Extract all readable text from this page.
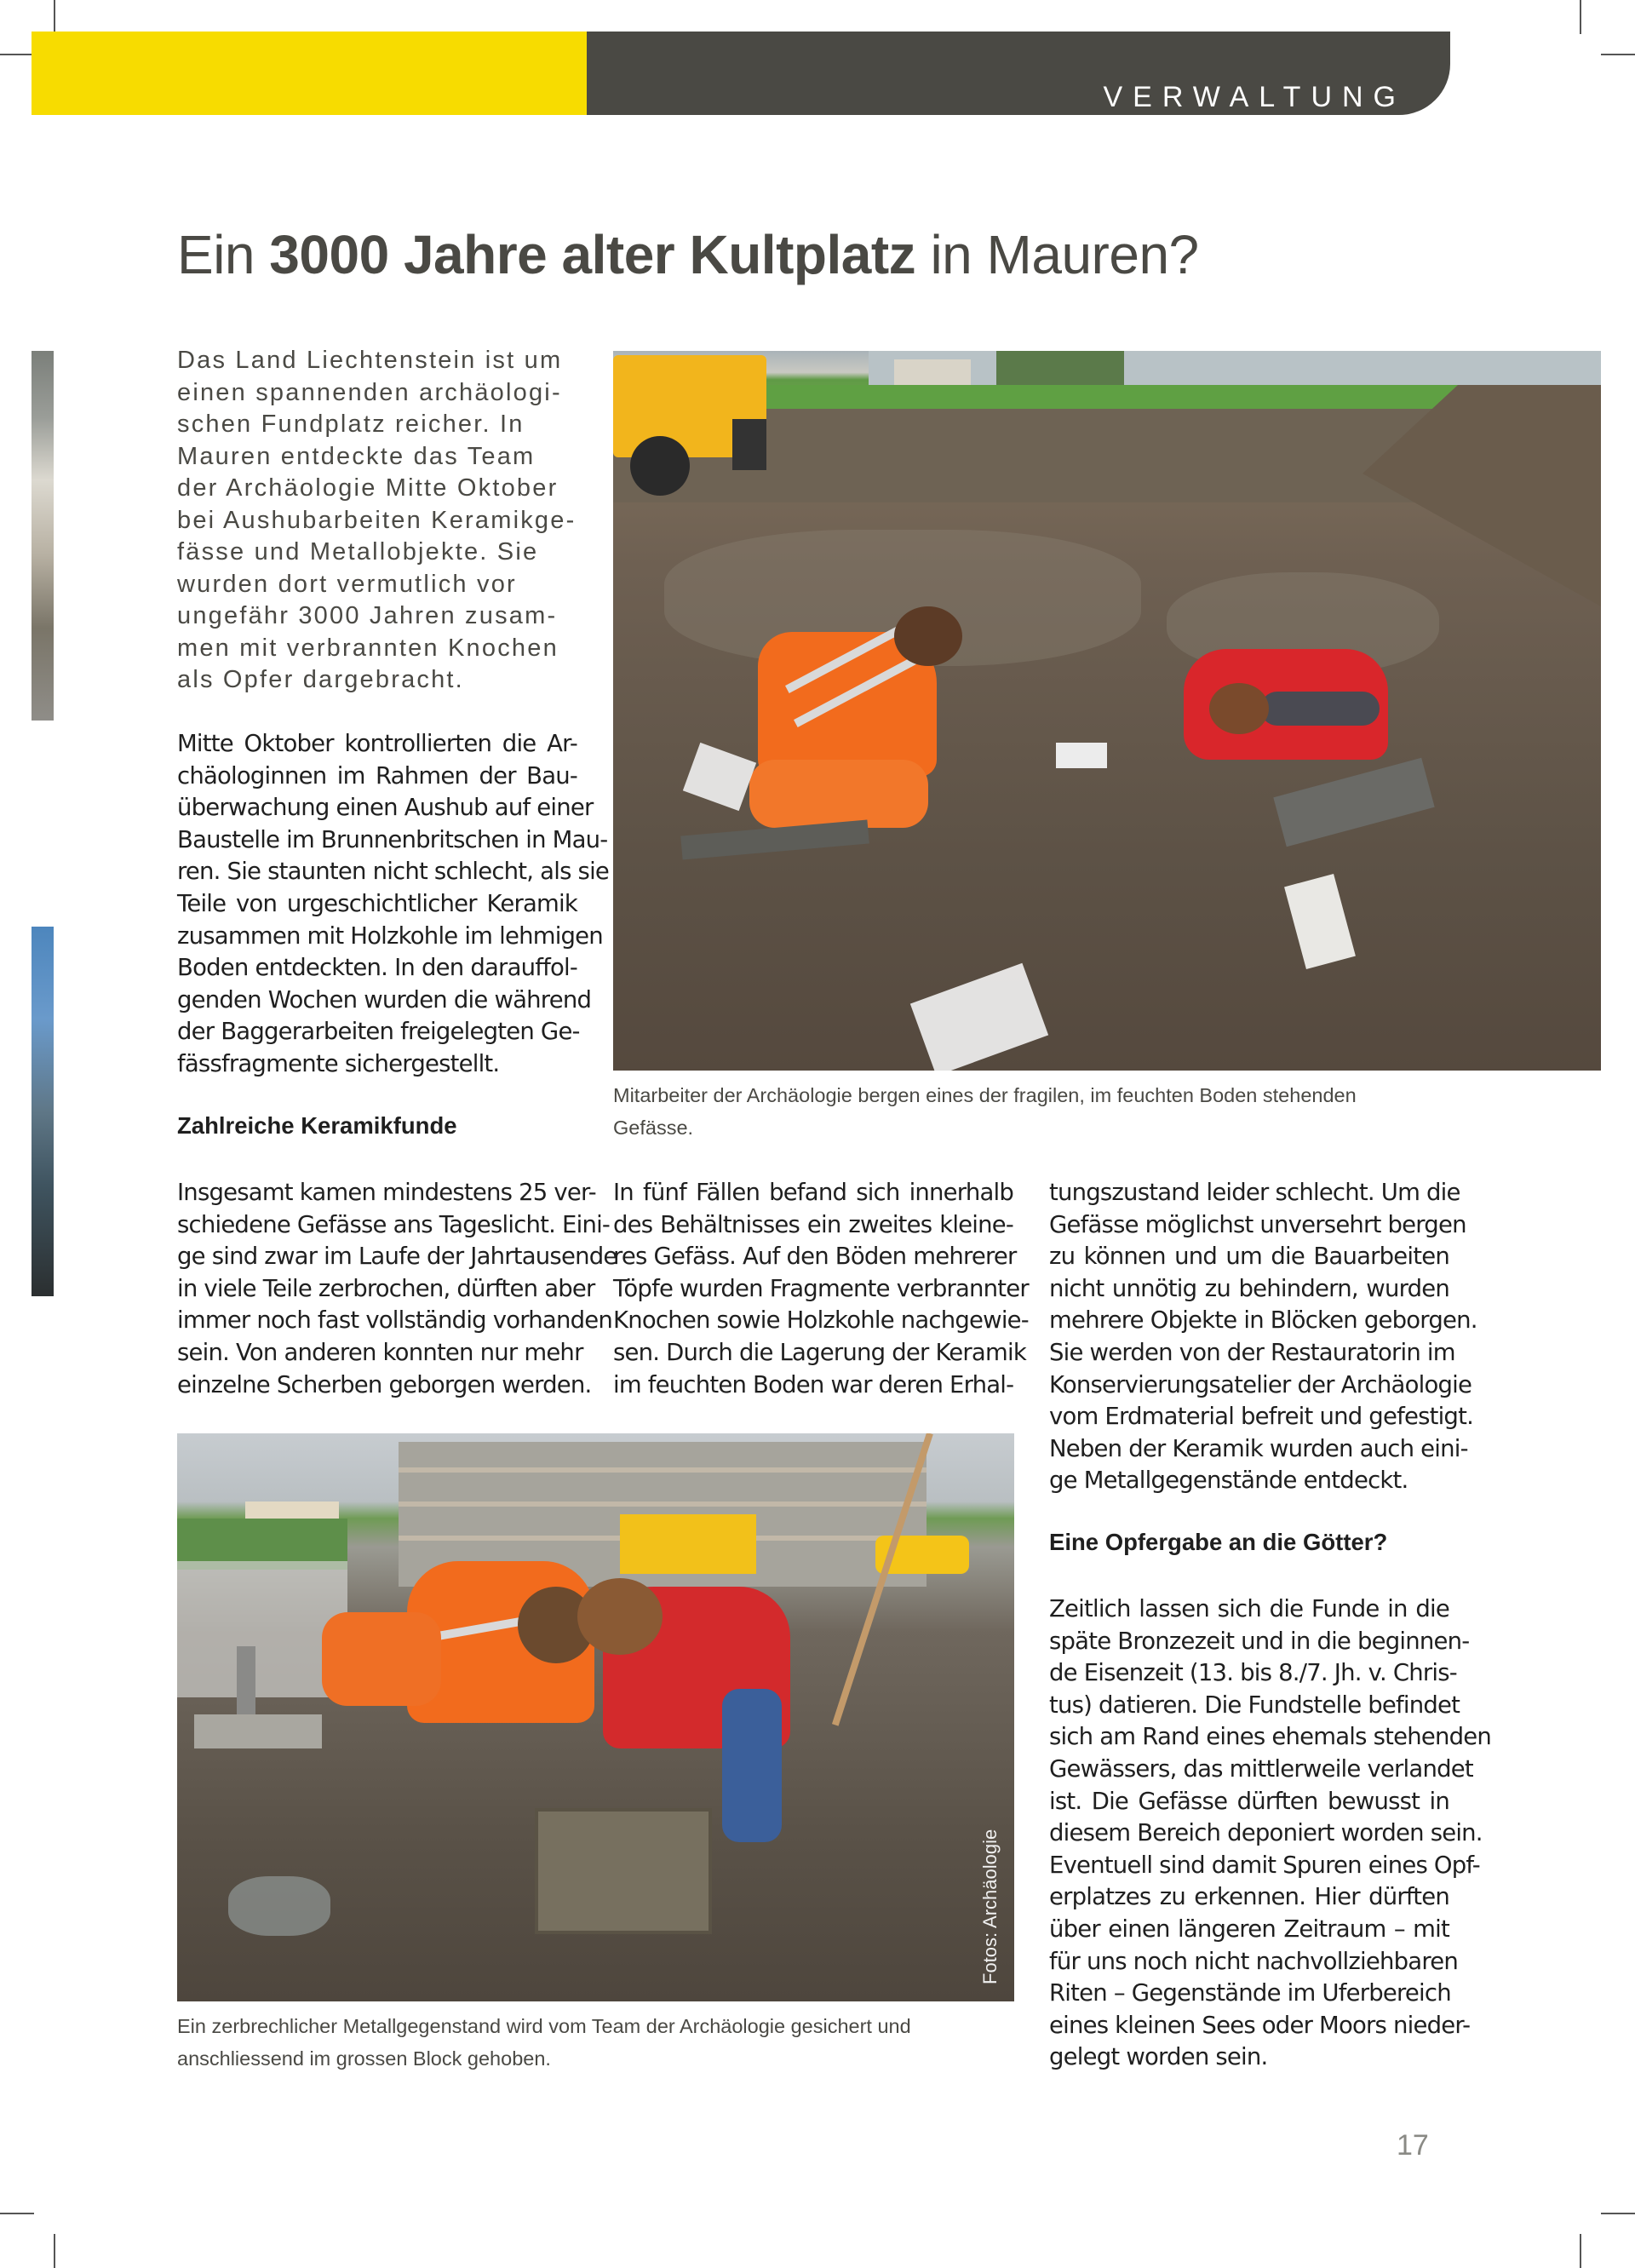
VERWALTUNG
Ein 3000 Jahre alter Kultplatz in Mauren?
Das Land Liechtenstein ist um
einen spannenden archäologi-
schen Fundplatz reicher. In
Mauren entdeckte das Team
der Archäologie Mitte Oktober
bei Aushubarbeiten Keramikge-
fässe und Metallobjekte. Sie
wurden dort vermutlich vor
ungefähr 3000 Jahren zusam-
men mit verbrannten Knochen
als Opfer dargebracht.
Mitte Oktober kontrollierten die Ar-
chäologinnen im Rahmen der Bau-
überwachung einen Aushub auf einer
Baustelle im Brunnenbritschen in Mau-
ren. Sie staunten nicht schlecht, als sie
Teile von urgeschichtlicher Keramik
zusammen mit Holzkohle im lehmigen
Boden entdeckten. In den darauffol-
genden Wochen wurden die während
der Baggerarbeiten freigelegten Ge-
fässfragmente sichergestellt.
Zahlreiche Keramikfunde
Insgesamt kamen mindestens 25 ver-
schiedene Gefässe ans Tageslicht. Eini-
ge sind zwar im Laufe der Jahrtausende
in viele Teile zerbrochen, dürften aber
immer noch fast vollständig vorhanden
sein. Von anderen konnten nur mehr
einzelne Scherben geborgen werden.
In fünf Fällen befand sich innerhalb
des Behältnisses ein zweites kleine-
res Gefäss. Auf den Böden mehrerer
Töpfe wurden Fragmente verbrannter
Knochen sowie Holzkohle nachgewie-
sen. Durch die Lagerung der Keramik
im feuchten Boden war deren Erhal-
tungszustand leider schlecht. Um die
Gefässe möglichst unversehrt bergen
zu können und um die Bauarbeiten
nicht unnötig zu behindern, wurden
mehrere Objekte in Blöcken geborgen.
Sie werden von der Restauratorin im
Konservierungsatelier der Archäologie
vom Erdmaterial befreit und gefestigt.
Neben der Keramik wurden auch eini-
ge Metallgegenstände entdeckt.
Eine Opfergabe an die Götter?
Zeitlich lassen sich die Funde in die
späte Bronzezeit und in die beginnen-
de Eisenzeit (13. bis 8./7. Jh. v. Chris-
tus) datieren. Die Fundstelle befindet
sich am Rand eines ehemals stehenden
Gewässers, das mittlerweile verlandet
ist. Die Gefässe dürften bewusst in
diesem Bereich deponiert worden sein.
Eventuell sind damit Spuren eines Opf-
erplatzes zu erkennen. Hier dürften
über einen längeren Zeitraum – mit
für uns noch nicht nachvollziehbaren
Riten – Gegenstände im Uferbereich
eines kleinen Sees oder Moors nieder-
gelegt worden sein.
Mitarbeiter der Archäologie bergen eines der fragilen, im feuchten Boden stehenden
Gefässe.
Fotos: Archäologie
Ein zerbrechlicher Metallgegenstand wird vom Team der Archäologie gesichert und
anschliessend im grossen Block gehoben.
17
